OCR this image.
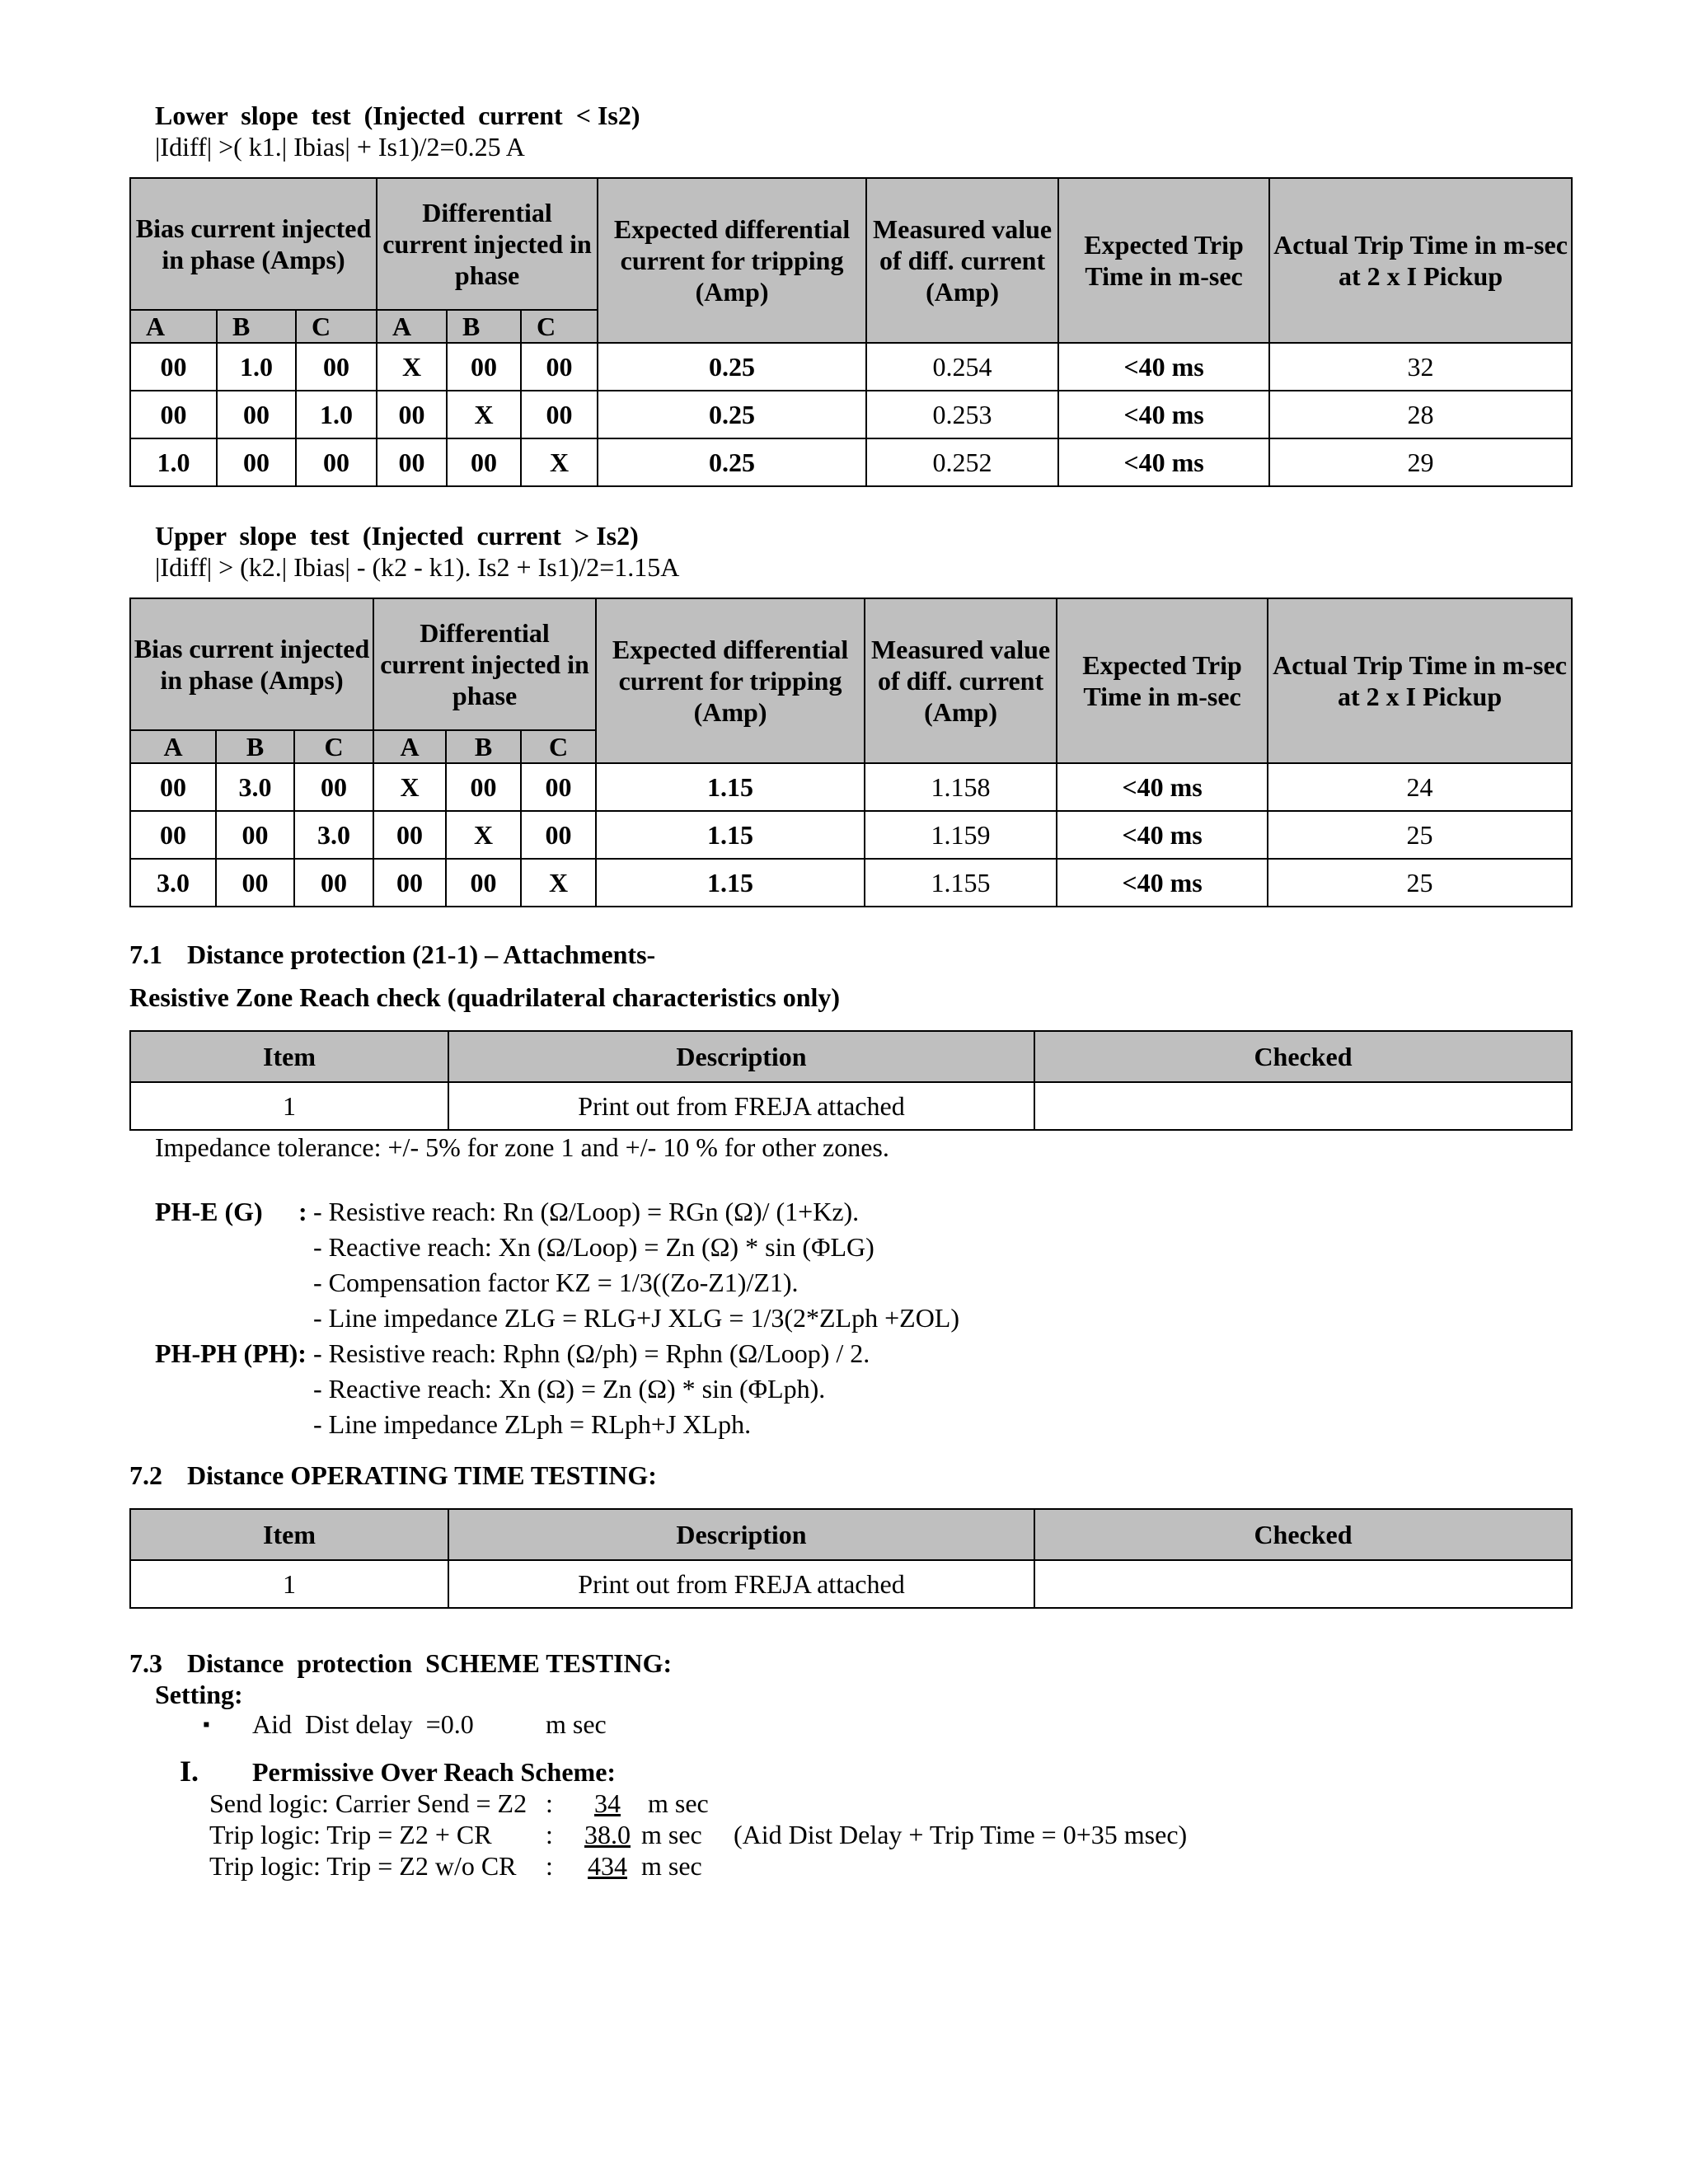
Lower  slope  test  (Injected  current  < Is2)
|Idiff| >( k1.| Ibias| + Is1)/2=0.25 A
Bias current injected in phase (Amps)			Differential current injected in phase			Expected differential current for tripping (Amp)	Measured value of diff. current (Amp)	Expected Trip Time in m-sec	Actual Trip Time in m-sec at 2 x I Pickup
A	B	C	A	B	C				
00	1.0	00	X	00	00	0.25	0.254	<40 ms	32
00	00	1.0	00	X	00	0.25	0.253	<40 ms	28
1.0	00	00	00	00	X	0.25	0.252	<40 ms	29
Upper  slope  test  (Injected  current  > Is2)
|Idiff| > (k2.| Ibias| - (k2 - k1). Is2 + Is1)/2=1.15A
Bias current injected in phase (Amps)			Differential current injected in phase			Expected differential current for tripping (Amp)	Measured value of diff. current (Amp)	Expected Trip Time in m-sec	Actual Trip Time in m-sec at 2 x I Pickup
A	B	C	A	B	C				
00	3.0	00	X	00	00	1.15	1.158	<40 ms	24
00	00	3.0	00	X	00	1.15	1.159	<40 ms	25
3.0	00	00	00	00	X	1.15	1.155	<40 ms	25
7.1 Distance protection (21-1) – Attachments-
Resistive Zone Reach check (quadrilateral characteristics only)
Item	Description	Checked
1	Print out from FREJA attached	
Impedance tolerance: +/- 5% for zone 1 and +/- 10 % for other zones.
PH-E (G) : - Resistive reach: Rn (Ω/Loop) = RGn (Ω)/ (1+Kz).
- Reactive reach: Xn (Ω/Loop) = Zn (Ω) * sin (ΦLG)
- Compensation factor KZ = 1/3((Zo-Z1)/Z1).
- Line impedance ZLG = RLG+J XLG = 1/3(2*ZLph +ZOL)
PH-PH (PH): - Resistive reach: Rphn (Ω/ph) = Rphn (Ω/Loop) / 2.
- Reactive reach: Xn (Ω) = Zn (Ω) * sin (ΦLph).
- Line impedance ZLph = RLph+J XLph.
7.2 Distance OPERATING TIME TESTING:
Item	Description	Checked
1	Print out from FREJA attached	
7.3 Distance  protection  SCHEME TESTING:
Setting:
▪ Aid  Dist delay  =0.0	m sec
I. Permissive Over Reach Scheme:
Send logic: Carrier Send = Z2 :	34	m sec
Trip logic: Trip = Z2 + CR :	38.0 m sec (Aid Dist Delay + Trip Time = 0+35 msec)
Trip logic: Trip = Z2 w/o CR :	434 m sec
